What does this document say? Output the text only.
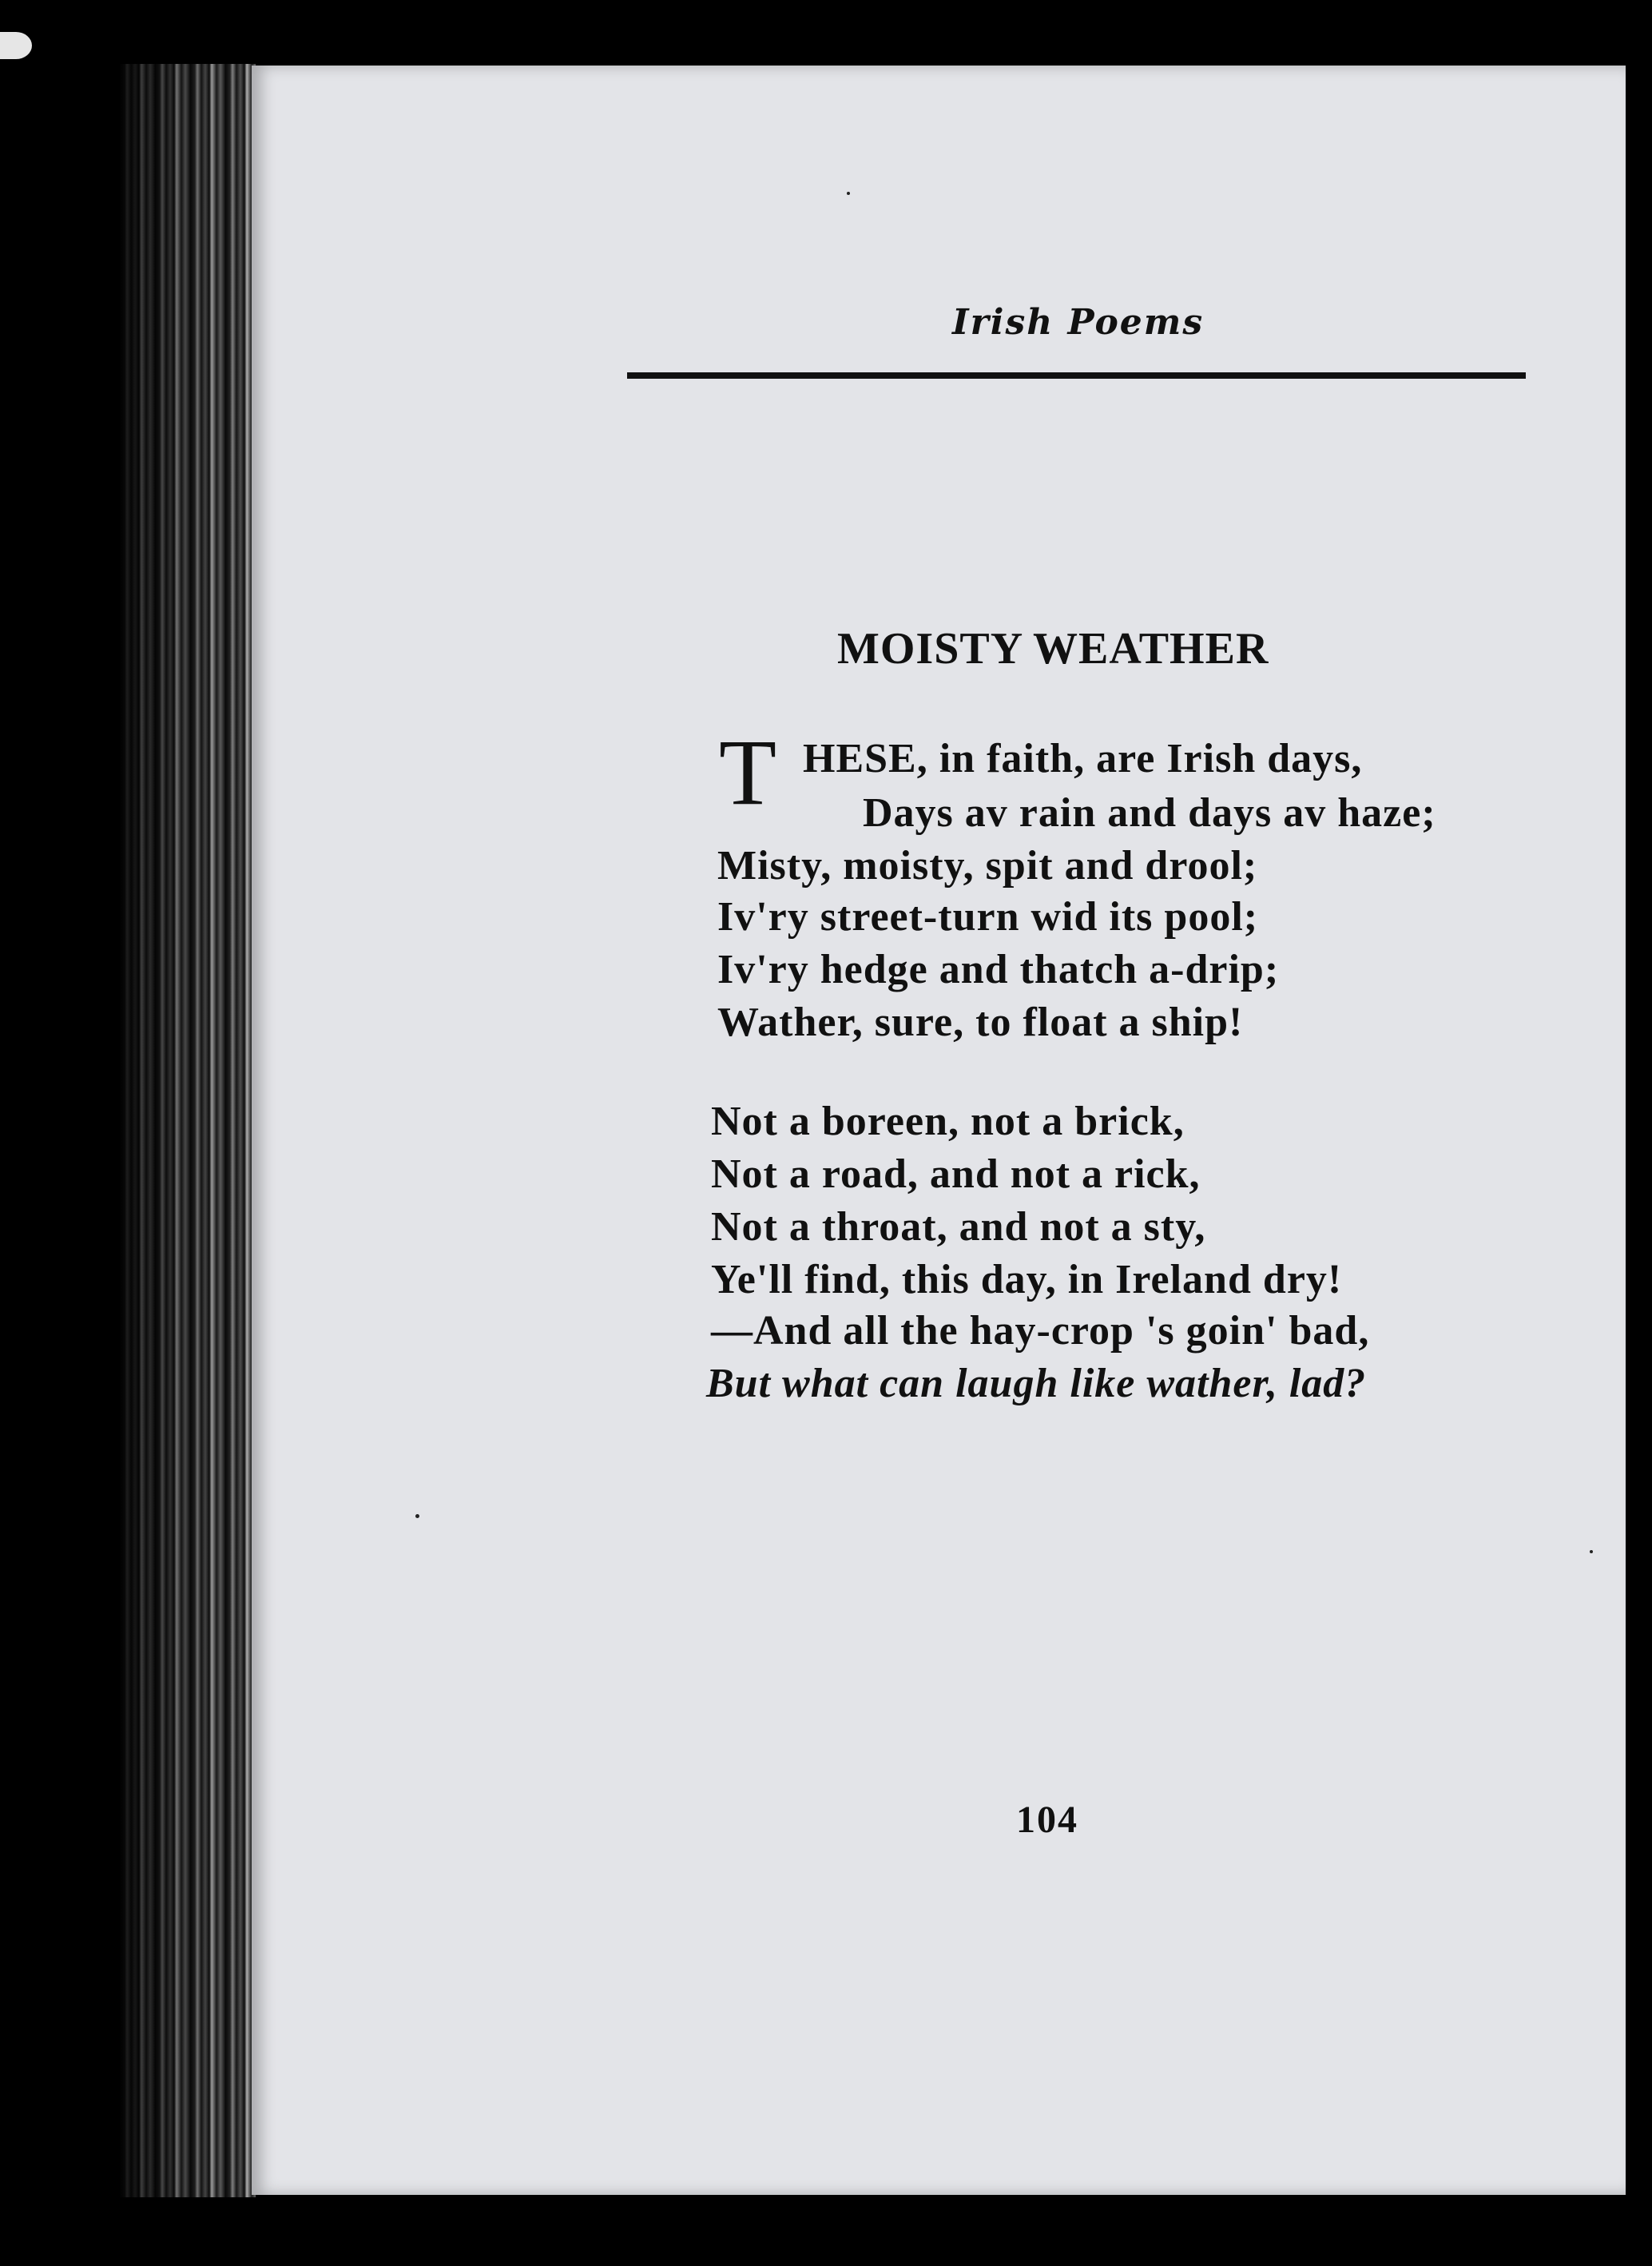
Irish Poems
MOISTY WEATHER
T HESE, in faith, are Irish days,
Days av rain and days av haze;
Misty, moisty, spit and drool;
Iv'ry street-turn wid its pool;
Iv'ry hedge and thatch a-drip;
Wather, sure, to float a ship!
Not a boreen, not a brick,
Not a road, and not a rick,
Not a throat, and not a sty,
Ye'll find, this day, in Ireland dry!
—And all the hay-crop 's goin' bad,
But what can laugh like wather, lad?
104
